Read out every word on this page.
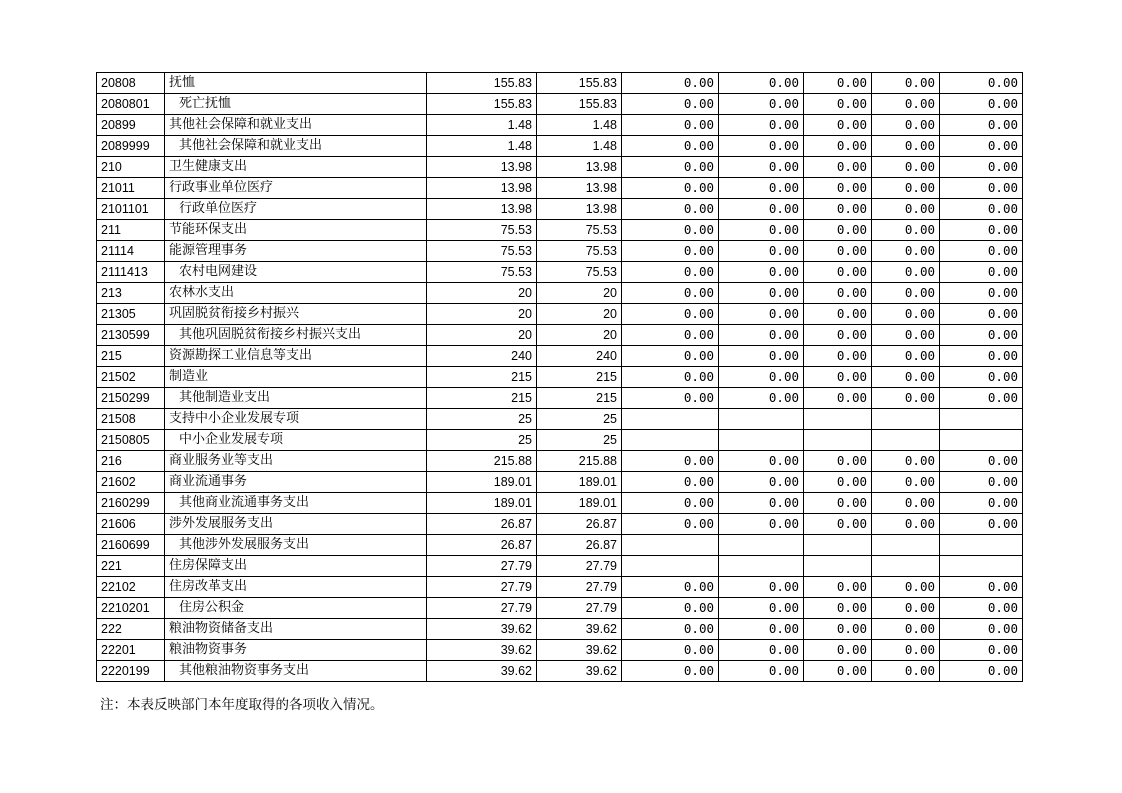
20808	抚恤	155.83	155.83	0.00	0.00	0.00	0.00	0.00
2080801	死亡抚恤	155.83	155.83	0.00	0.00	0.00	0.00	0.00
20899	其他社会保障和就业支出	1.48	1.48	0.00	0.00	0.00	0.00	0.00
2089999	其他社会保障和就业支出	1.48	1.48	0.00	0.00	0.00	0.00	0.00
210	卫生健康支出	13.98	13.98	0.00	0.00	0.00	0.00	0.00
21011	行政事业单位医疗	13.98	13.98	0.00	0.00	0.00	0.00	0.00
2101101	行政单位医疗	13.98	13.98	0.00	0.00	0.00	0.00	0.00
211	节能环保支出	75.53	75.53	0.00	0.00	0.00	0.00	0.00
21114	能源管理事务	75.53	75.53	0.00	0.00	0.00	0.00	0.00
2111413	农村电网建设	75.53	75.53	0.00	0.00	0.00	0.00	0.00
213	农林水支出	20	20	0.00	0.00	0.00	0.00	0.00
21305	巩固脱贫衔接乡村振兴	20	20	0.00	0.00	0.00	0.00	0.00
2130599	其他巩固脱贫衔接乡村振兴支出	20	20	0.00	0.00	0.00	0.00	0.00
215	资源勘探工业信息等支出	240	240	0.00	0.00	0.00	0.00	0.00
21502	制造业	215	215	0.00	0.00	0.00	0.00	0.00
2150299	其他制造业支出	215	215	0.00	0.00	0.00	0.00	0.00
21508	支持中小企业发展专项	25	25					
2150805	中小企业发展专项	25	25					
216	商业服务业等支出	215.88	215.88	0.00	0.00	0.00	0.00	0.00
21602	商业流通事务	189.01	189.01	0.00	0.00	0.00	0.00	0.00
2160299	其他商业流通事务支出	189.01	189.01	0.00	0.00	0.00	0.00	0.00
21606	涉外发展服务支出	26.87	26.87	0.00	0.00	0.00	0.00	0.00
2160699	其他涉外发展服务支出	26.87	26.87					
221	住房保障支出	27.79	27.79					
22102	住房改革支出	27.79	27.79	0.00	0.00	0.00	0.00	0.00
2210201	住房公积金	27.79	27.79	0.00	0.00	0.00	0.00	0.00
222	粮油物资储备支出	39.62	39.62	0.00	0.00	0.00	0.00	0.00
22201	粮油物资事务	39.62	39.62	0.00	0.00	0.00	0.00	0.00
2220199	其他粮油物资事务支出	39.62	39.62	0.00	0.00	0.00	0.00	0.00
注：本表反映部门本年度取得的各项收入情况。
